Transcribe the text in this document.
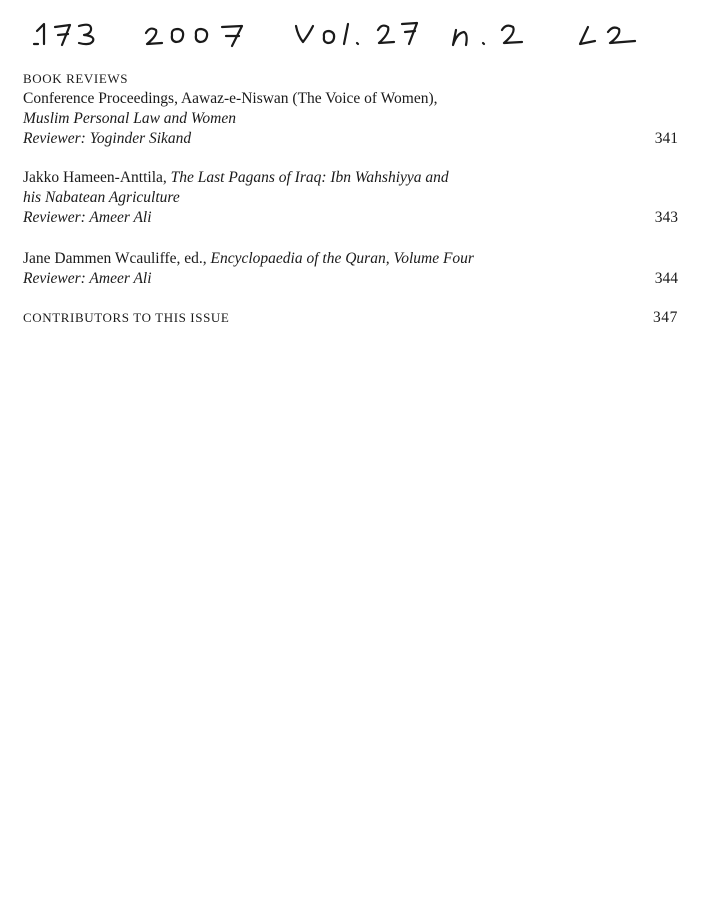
BOOK REVIEWS
Conference Proceedings, Aawaz-e-Niswan (The Voice of Women),
Muslim Personal Law and Women
Reviewer: Yoginder Sikand	341
Jakko Hameen-Anttila, The Last Pagans of Iraq: Ibn Wahshiyya and
his Nabatean Agriculture
Reviewer: Ameer Ali	343
Jane Dammen Wcauliffe, ed., Encyclopaedia of the Quran, Volume Four
Reviewer: Ameer Ali	344
CONTRIBUTORS TO THIS ISSUE	347
